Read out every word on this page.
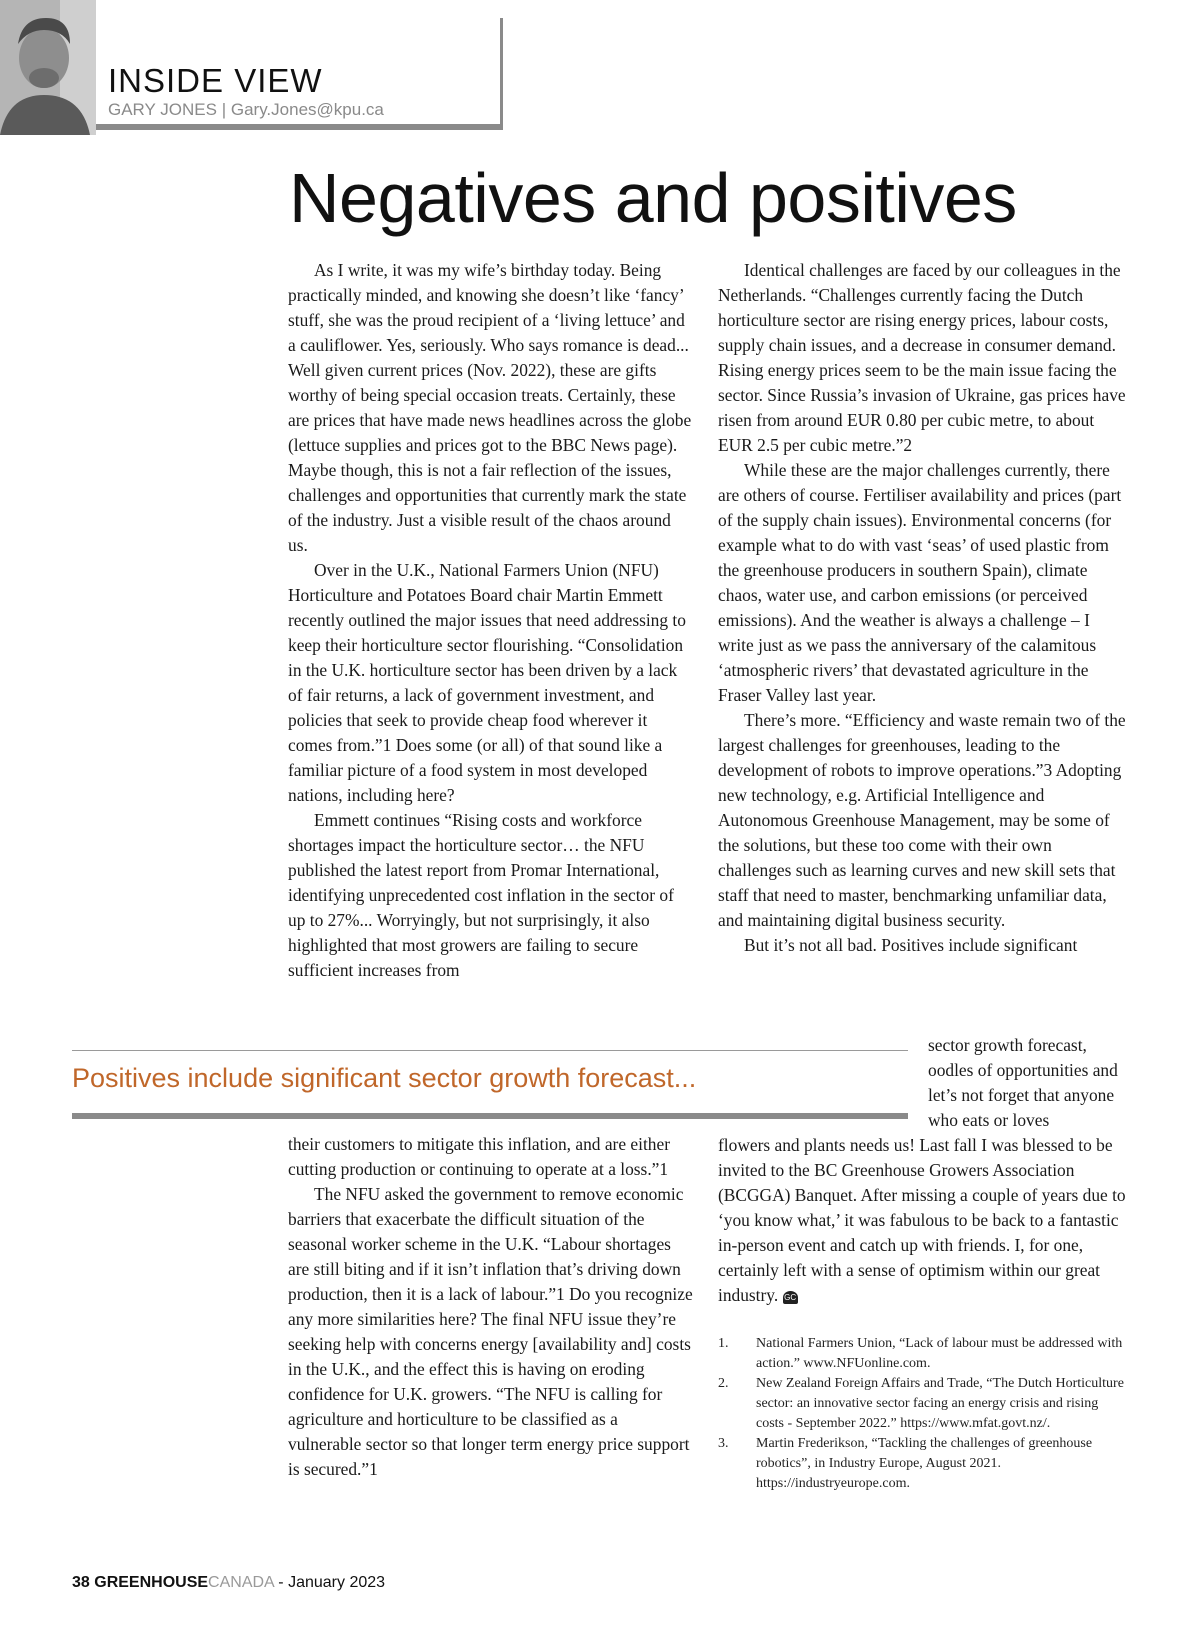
INSIDE VIEW
GARY JONES | Gary.Jones@kpu.ca
Negatives and positives

As I write, it was my wife’s birthday today. Being practically minded, and knowing she doesn’t like ‘fancy’ stuff, she was the proud recipient of a ‘living lettuce’ and a cauliflower. Yes, seriously. Who says romance is dead... Well given current prices (Nov. 2022), these are gifts worthy of being special occasion treats. Certainly, these are prices that have made news headlines across the globe (lettuce supplies and prices got to the BBC News page). Maybe though, this is not a fair reflection of the issues, challenges and opportunities that currently mark the state of the industry. Just a visible result of the chaos around us.

Over in the U.K., National Farmers Union (NFU) Horticulture and Potatoes Board chair Martin Emmett recently outlined the major issues that need addressing to keep their horticulture sector flourishing. “Consolidation in the U.K. horticulture sector has been driven by a lack of fair returns, a lack of government investment, and policies that seek to provide cheap food wherever it comes from.”1 Does some (or all) of that sound like a familiar picture of a food system in most developed nations, including here?

Emmett continues “Rising costs and workforce shortages impact the horticulture sector… the NFU published the latest report from Promar International, identifying unprecedented cost inflation in the sector of up to 27%... Worryingly, but not surprisingly, it also highlighted that most growers are failing to secure sufficient increases from

Positives include significant sector growth forecast...

their customers to mitigate this inflation, and are either cutting production or continuing to operate at a loss.”1

The NFU asked the government to remove economic barriers that exacerbate the difficult situation of the seasonal worker scheme in the U.K. “Labour shortages are still biting and if it isn’t inflation that’s driving down production, then it is a lack of labour.”1 Do you recognize any more similarities here? The final NFU issue they’re seeking help with concerns energy [availability and] costs in the U.K., and the effect this is having on eroding confidence for U.K. growers. “The NFU is calling for agriculture and horticulture to be classified as a vulnerable sector so that longer term energy price support is secured.”1

Identical challenges are faced by our colleagues in the Netherlands. “Challenges currently facing the Dutch horticulture sector are rising energy prices, labour costs, supply chain issues, and a decrease in consumer demand. Rising energy prices seem to be the main issue facing the sector. Since Russia’s invasion of Ukraine, gas prices have risen from around EUR 0.80 per cubic metre, to about EUR 2.5 per cubic metre.”2

While these are the major challenges currently, there are others of course. Fertiliser availability and prices (part of the supply chain issues). Environmental concerns (for example what to do with vast ‘seas’ of used plastic from the greenhouse producers in southern Spain), climate chaos, water use, and carbon emissions (or perceived emissions). And the weather is always a challenge – I write just as we pass the anniversary of the calamitous ‘atmospheric rivers’ that devastated agriculture in the Fraser Valley last year.

There’s more. “Efficiency and waste remain two of the largest challenges for greenhouses, leading to the development of robots to improve operations.”3 Adopting new technology, e.g. Artificial Intelligence and Autonomous Greenhouse Management, may be some of the solutions, but these too come with their own challenges such as learning curves and new skill sets that staff that need to master, benchmarking unfamiliar data, and maintaining digital business security.

But it’s not all bad. Positives include significant

sector growth forecast, oodles of opportunities and let’s not forget that anyone who eats or loves
flowers and plants needs us! Last fall I was blessed to be invited to the BC Greenhouse Growers Association (BCGGA) Banquet. After missing a couple of years due to ‘you know what,’ it was fabulous to be back to a fantastic in-person event and catch up with friends. I, for one, certainly left with a sense of optimism within our great industry. GC
1.	National Farmers Union, “Lack of labour must be addressed with action.” www.NFUonline.com.
2.	New Zealand Foreign Affairs and Trade, “The Dutch Horticulture sector: an innovative sector facing an energy crisis and rising costs - September 2022.” https://www.mfat.govt.nz/.
3.	Martin Frederikson, “Tackling the challenges of greenhouse robotics”, in Industry Europe, August 2021. https://industryeurope.com.
38 GREENHOUSECANADA - January 2023
